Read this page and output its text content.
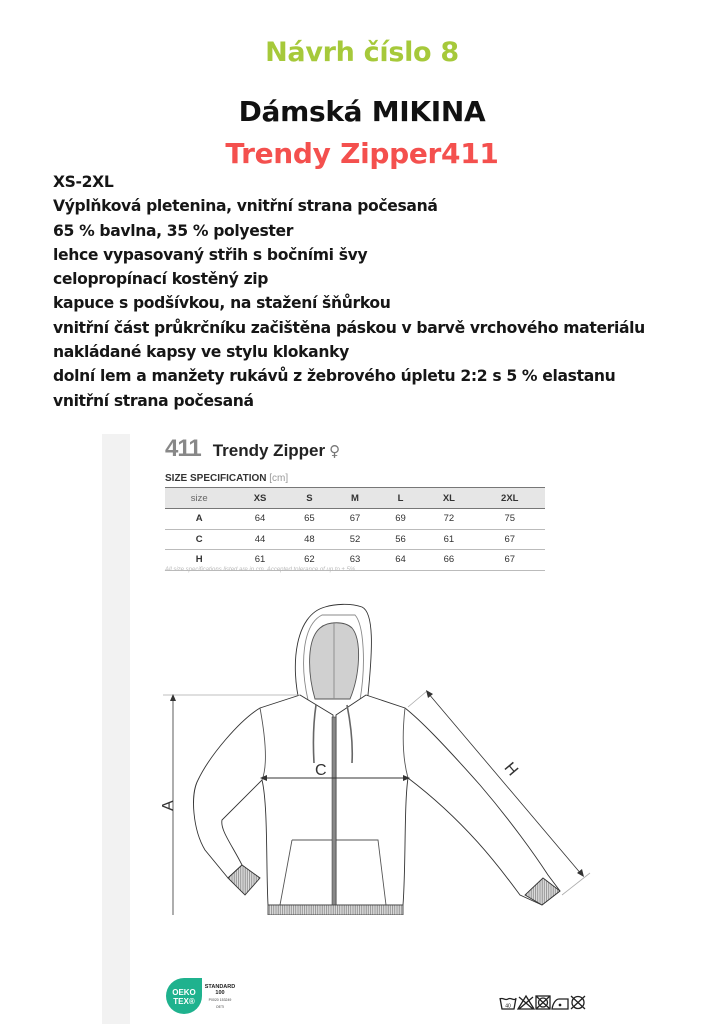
Návrh číslo 8
Dámská MIKINA
Trendy Zipper411
XS-2XL
Výplňková pletenina, vnitřní strana počesaná
65 % bavlna, 35 % polyester
lehce vypasovaný střih s bočními švy
celopropínací kostěný zip
kapuce s podšívkou, na stažení šňůrkou
vnitřní část průkrčníku začištěna páskou v barvě vrchového materiálu
nakládané kapsy ve stylu klokanky
dolní lem a manžety rukávů z žebrového úpletu 2:2 s 5 % elastanu
vnitřní strana počesaná
411 Trendy Zipper ♀
SIZE SPECIFICATION [cm]
size	XS	S	M	L	XL	2XL
A	64	65	67	69	72	75
C	44	48	52	56	61	67
H	61	62	63	64	66	67
All size specifications listed are in cm. Accepted tolerance of up to ± 5%.
A
C	H
OEKO
TEX®
STANDARD
100
P0020 153249
OETI	40
